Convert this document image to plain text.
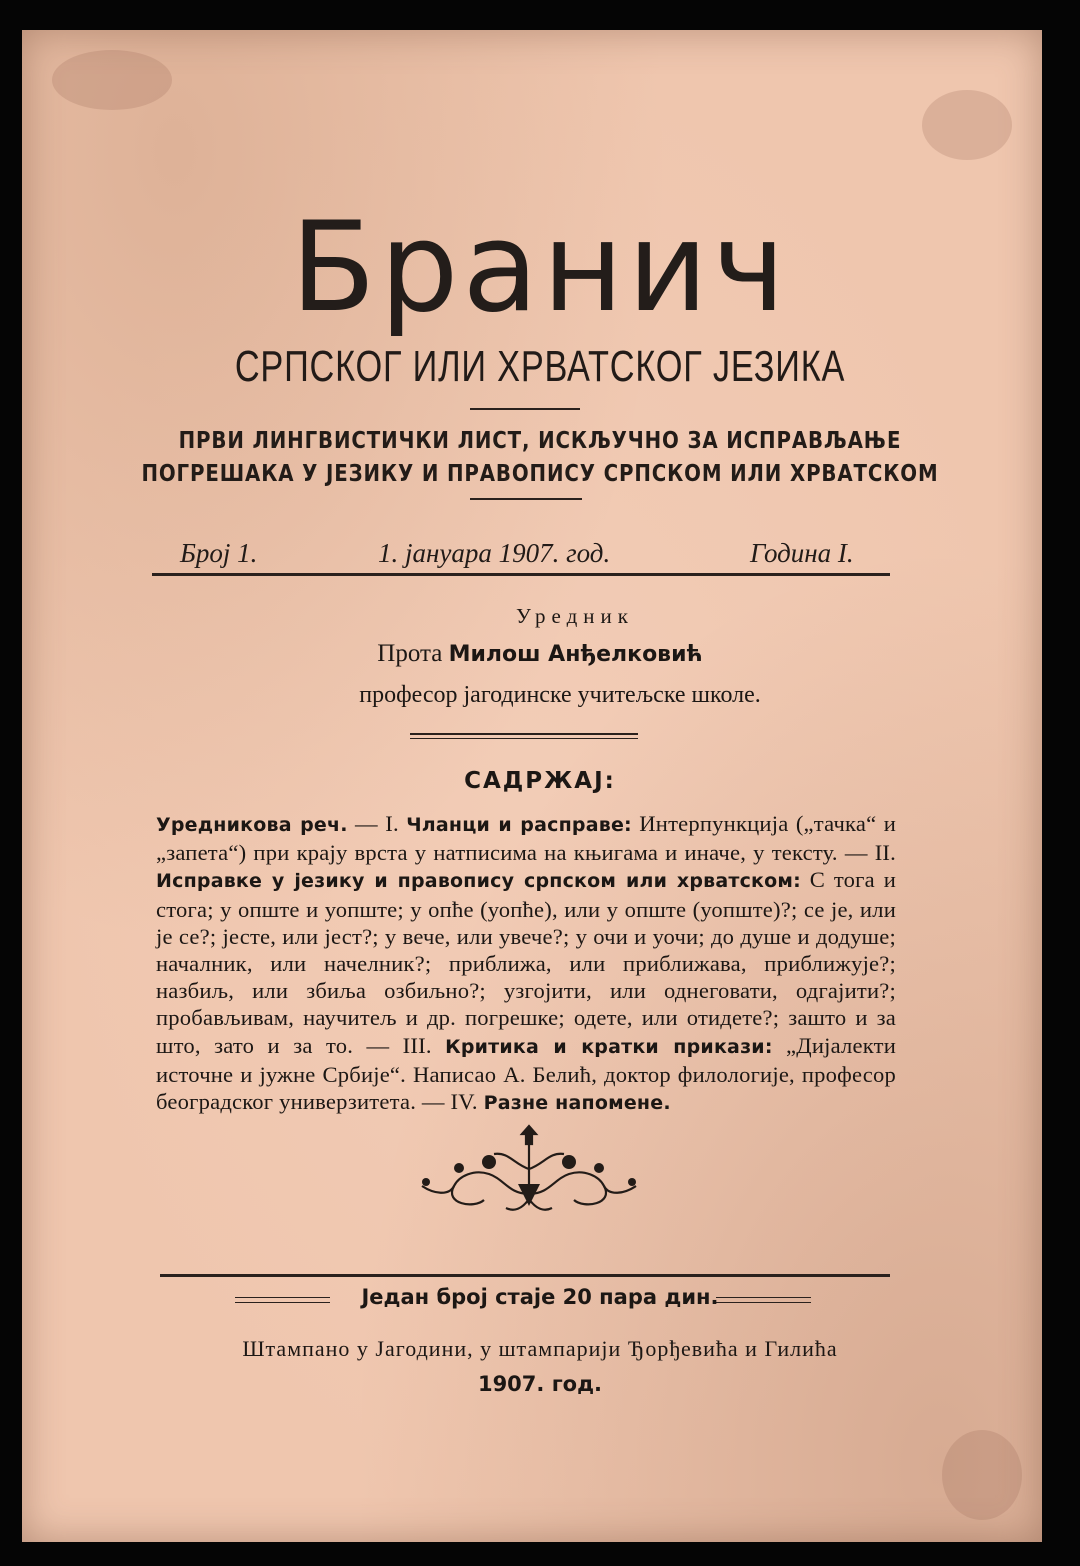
Бранич
СРПСКОГ ИЛИ ХРВАТСКОГ ЈЕЗИКА
ПРВИ ЛИНГВИСТИЧКИ ЛИСТ, ИСКЉУЧНО ЗА ИСПРАВЉАЊЕ
ПОГРЕШАКА У ЈЕЗИКУ И ПРАВОПИСУ СРПСКОМ ИЛИ ХРВАТСКОМ
Број 1.	1. јануара 1907. год.	Година I.
Уредник
Прота Милош Анђелковић
професор јагодинске учитељске школе.
САДРЖАЈ:
Уредникова реч. — I. Чланци и расправе: Интерпункција („тачка“ и „запета“) при крају врста у натписима на књигама и иначе, у тексту. — II. Исправке у језику и правопису српском или хрватском: С тога и стога; у опште и уопште; у опће (уопће), или у опште (уопште)?; се је, или је се?; јесте, или јест?; у вече, или увече?; у очи и уочи; до душе и додуше; началник, или начелник?; приближа, или приближава, приближује?; назбиљ, или збиља озбиљно?; узгојити, или однеговати, одгајити?; пробављивам, научитељ и др. погрешке; одете, или отидете?; зашто и за што, зато и за то. — III. Критика и кратки прикази: „Дијалекти источне и јужне Србије“. Написао А. Белић, доктор филологије, професор београдског универзитета. — IV. Разне напомене.
Један број стаје 20 пара дин.
Штампано у Јагодини, у штампарији Ђорђевића и Гилића
1907. год.
